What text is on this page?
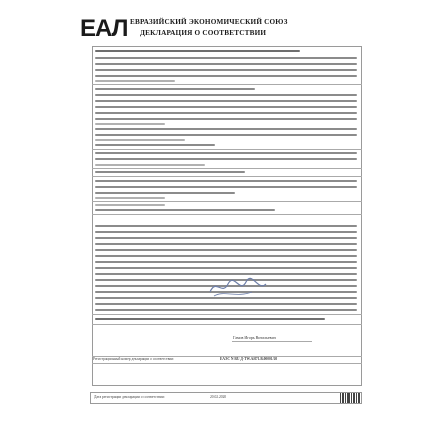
ЕАЛ ЕВРАЗИЙСКИЙ ЭКОНОМИЧЕСКИЙ СОЮЗ
ДЕКЛАРАЦИЯ О СООТВЕТСТВИИ
Гамов Игорь Витальевич
Регистрационный номер декларации о соответствии:	ЕАЭС N RU Д-TW.АЯ71.В.00001/20
Дата регистрации декларации о соответствии:	20.02.2020
